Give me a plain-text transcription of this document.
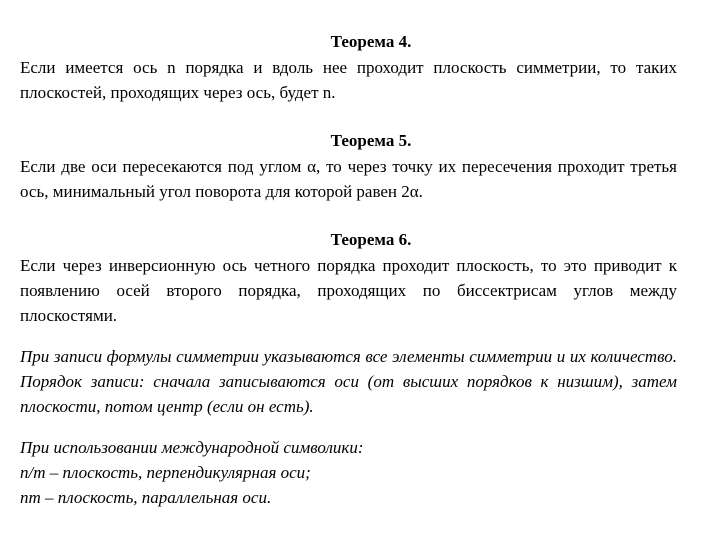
Теорема 4.
Если имеется ось n порядка и вдоль нее проходит плоскость симметрии, то таких плоскостей, проходящих через ось, будет n.
Теорема 5.
Если две оси пересекаются под углом α, то через точку их пересечения проходит третья ось, минимальный угол поворота для которой равен 2α.
Теорема 6.
Если через инверсионную ось четного порядка проходит плоскость, то это приводит к появлению осей второго порядка, проходящих по биссектрисам углов между плоскостями.
При записи формулы симметрии указываются все элементы симметрии и их количество. Порядок записи: сначала записываются оси (от высших порядков к низшим), затем плоскости, потом центр (если он есть).
При использовании международной символики:
n/m – плоскость, перпендикулярная оси;
nm – плоскость, параллельная оси.
